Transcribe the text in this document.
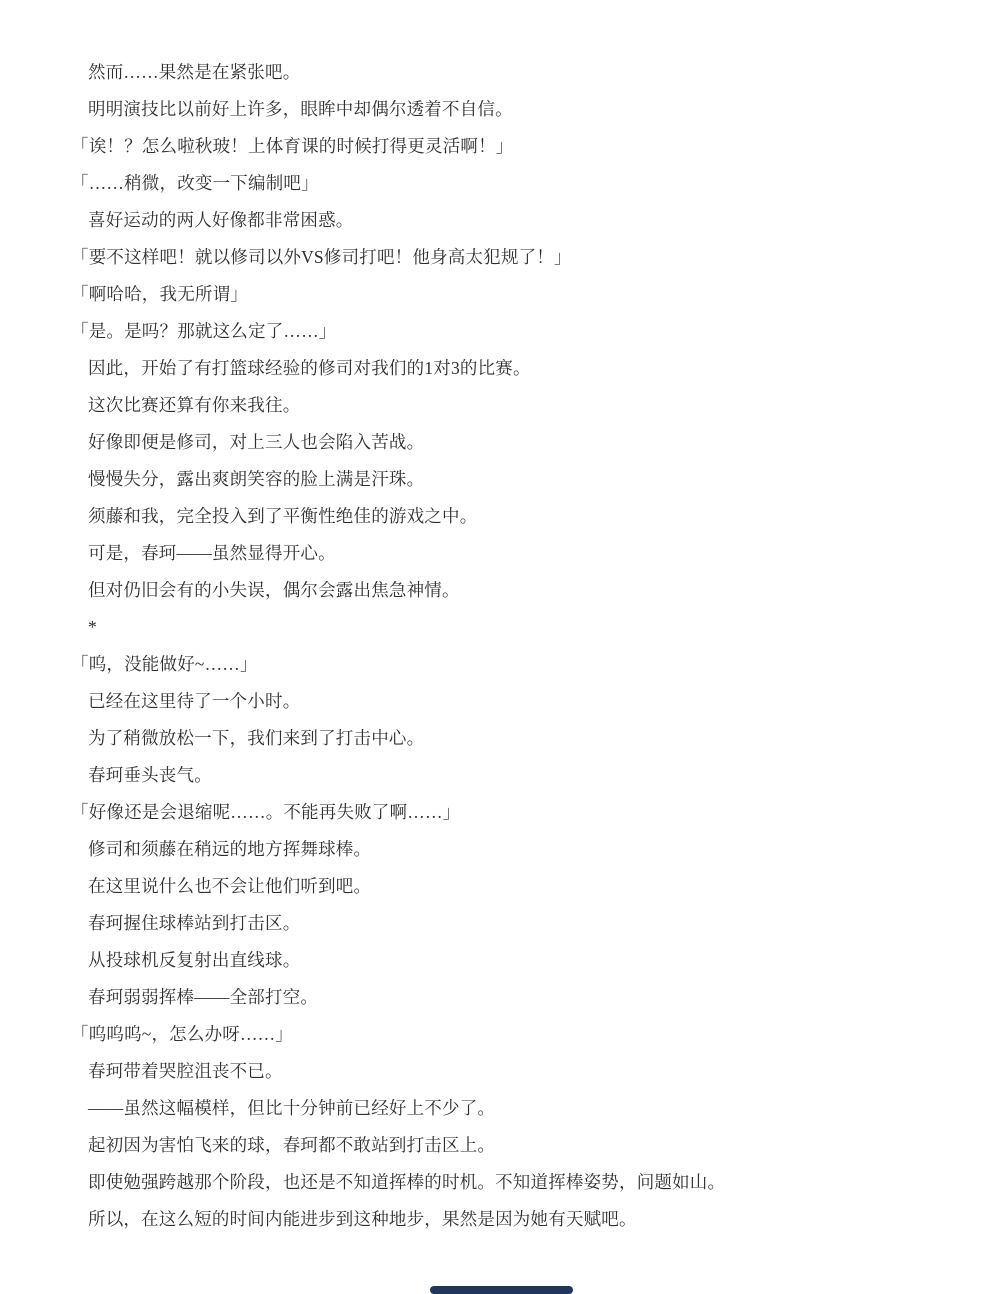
然而……果然是在紧张吧。

明明演技比以前好上许多，眼眸中却偶尔透着不自信。

「诶！？怎么啦秋玻！上体育课的时候打得更灵活啊！」

「……稍微，改变一下编制吧」

喜好运动的两人好像都非常困惑。

「要不这样吧！就以修司以外VS修司打吧！他身高太犯规了！」

「啊哈哈，我无所谓」

「是。是吗？那就这么定了……」

因此，开始了有打篮球经验的修司对我们的1对3的比赛。

这次比赛还算有你来我往。

好像即便是修司，对上三人也会陷入苦战。

慢慢失分，露出爽朗笑容的脸上满是汗珠。

须藤和我，完全投入到了平衡性绝佳的游戏之中。

可是，春珂——虽然显得开心。

但对仍旧会有的小失误，偶尔会露出焦急神情。

*

「呜，没能做好~……」

已经在这里待了一个小时。

为了稍微放松一下，我们来到了打击中心。

春珂垂头丧气。

「好像还是会退缩呢……。不能再失败了啊……」

修司和须藤在稍远的地方挥舞球棒。

在这里说什么也不会让他们听到吧。

春珂握住球棒站到打击区。

从投球机反复射出直线球。

春珂弱弱挥棒——全部打空。

「呜呜呜~，怎么办呀……」

春珂带着哭腔沮丧不已。

——虽然这幅模样，但比十分钟前已经好上不少了。

起初因为害怕飞来的球，春珂都不敢站到打击区上。

即使勉强跨越那个阶段，也还是不知道挥棒的时机。不知道挥棒姿势，问题如山。

所以，在这么短的时间内能进步到这种地步，果然是因为她有天赋吧。
